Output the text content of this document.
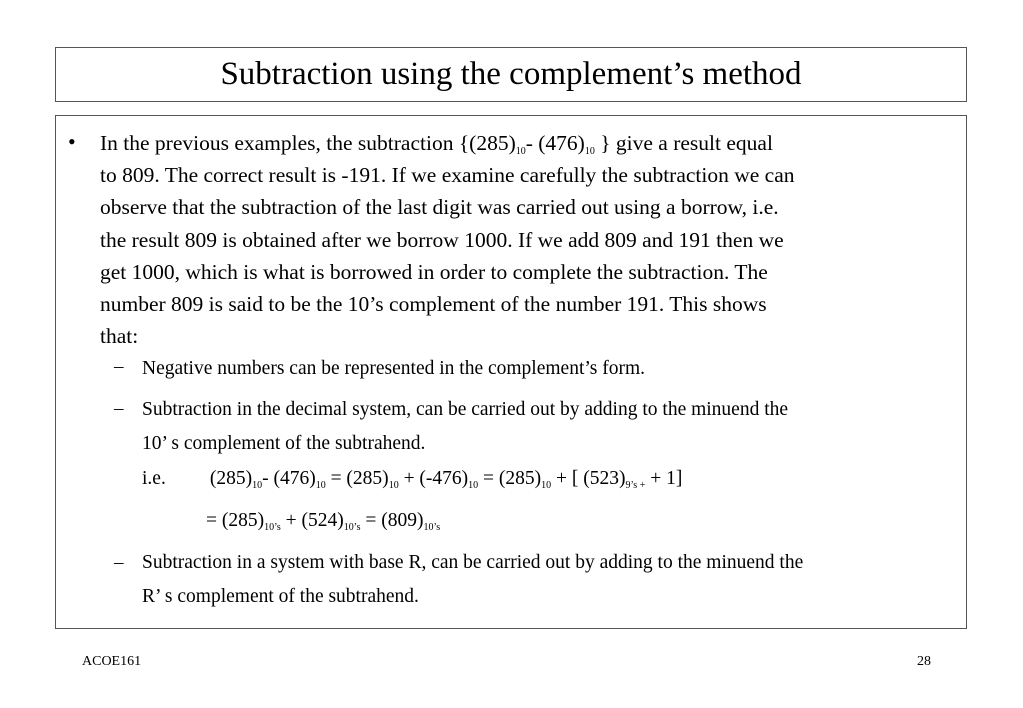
Subtraction using the complement’s method
• In the previous examples, the subtraction {$(285)_{10}-$ $(476)_{10}$ } give a result equal
to 809. The correct result is -191. If we examine carefully the subtraction we can
observe that the subtraction of the last digit was carried out using a borrow, i.e.
the result 809 is obtained after we borrow 1000. If we add 809 and 191 then we
get 1000, which is what is borrowed in order to complete the subtraction. The
number 809 is said to be the 10’s complement of the number 191. This shows
that:
– Negative numbers can be represented in the complement’s form.
– Subtraction in the decimal system, can be carried out by adding to the minuend the
10’ s complement of the subtrahend.
i.e. $(285)_{10}-$ $(476)_{10} = (285)_{10} + (-476)_{10} = (285)_{10}$ + [ $(523)_{9’s +} + 1$]
= $(285)_{10’s} + (524)_{10’s} = (809)_{10’s}$
– Subtraction in a system with base R, can be carried out by adding to the minuend the
R’ s complement of the subtrahend.
ACOE161	28
